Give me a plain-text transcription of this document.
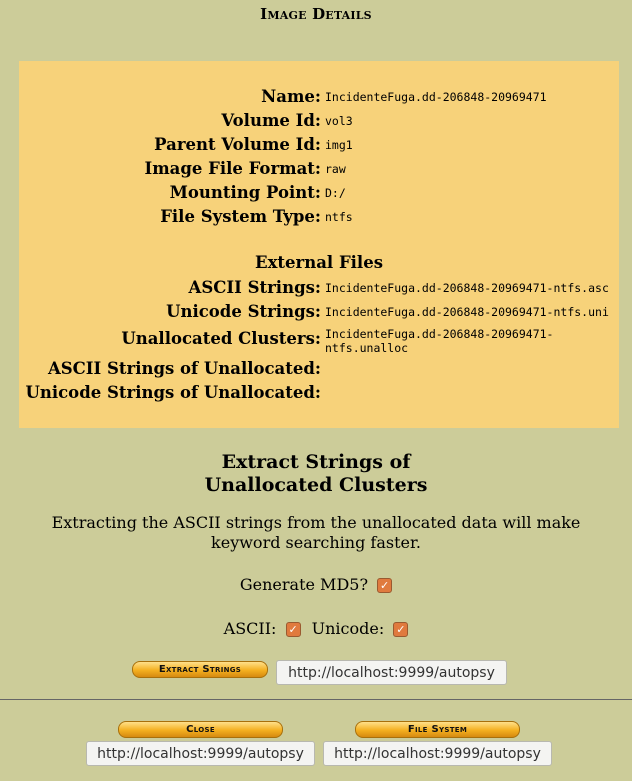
Image Details
Name: IncidenteFuga.dd-206848-20969471
Volume Id: vol3
Parent Volume Id: img1
Image File Format: raw
Mounting Point: D:/
File System Type: ntfs
External Files
ASCII Strings: IncidenteFuga.dd-206848-20969471-ntfs.asc
Unicode Strings: IncidenteFuga.dd-206848-20969471-ntfs.uni
Unallocated Clusters: IncidenteFuga.dd-206848-20969471-ntfs.unalloc
ASCII Strings of Unallocated:
Unicode Strings of Unallocated:
Extract Strings of
Unallocated Clusters
Extracting the ASCII strings from the unallocated data will make keyword searching faster.
Generate MD5? ✓
ASCII: ✓ Unicode: ✓
Extract Strings	http://localhost:9999/autopsy
Close	File System
http://localhost:9999/autopsy	http://localhost:9999/autopsy
